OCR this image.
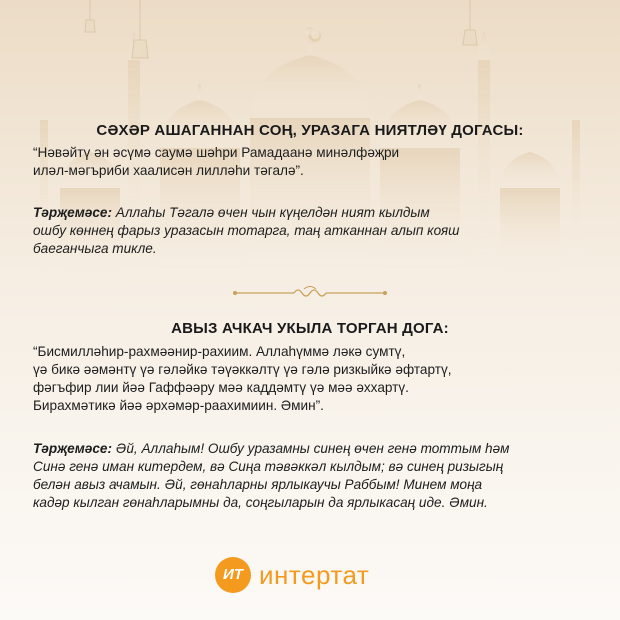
СӘХӘР АШАГАННАН СОҢ, УРАЗАГА НИЯТЛӘҮ ДОГАСЫ:

“Нәвәйтү ән әсүмә саумә шәһри Рамадаанә минәлфәҗри
иләл-мәгъриби хаалисән лилләһи тәгалә”.

Тәрҗемәсе: Аллаһы Тәгалә өчен чын күңелдән ният кылдым
ошбу көннең фарыз уразасын тотарга, таң атканнан алып кояш
баеганчыга тикле.

АВЫЗ АЧКАЧ УКЫЛА ТОРГАН ДОГА:

“Бисмилләһир-рахмәәнир-рахиим. Аллаһүммә ләкә сумтү,
үә бикә әәмәнтү үә гәләйкә тәүәккәлтү үә гәлә ризкыйкә әфтартү,
фәгъфир лии йәә Гаффәәру мәә каддәмтү үә мәә әххартү.
Бирахмәтикә йәә әрхәмәр-раахимиин. Әмин”.

Тәрҗемәсе: Әй, Аллаһым! Ошбу уразамны синең өчен генә тоттым һәм
Синә генә иман китердем, вә Сиңа тәвәккәл кылдым; вә синең ризыгың
белән авыз ачамын. Әй, гөнаһларны ярлыкаучы Раббым! Минем моңа
кадәр кылган гөнаһларымны да, соңгыларын да ярлыкасаң иде. Әмин.

ИТ интертат
